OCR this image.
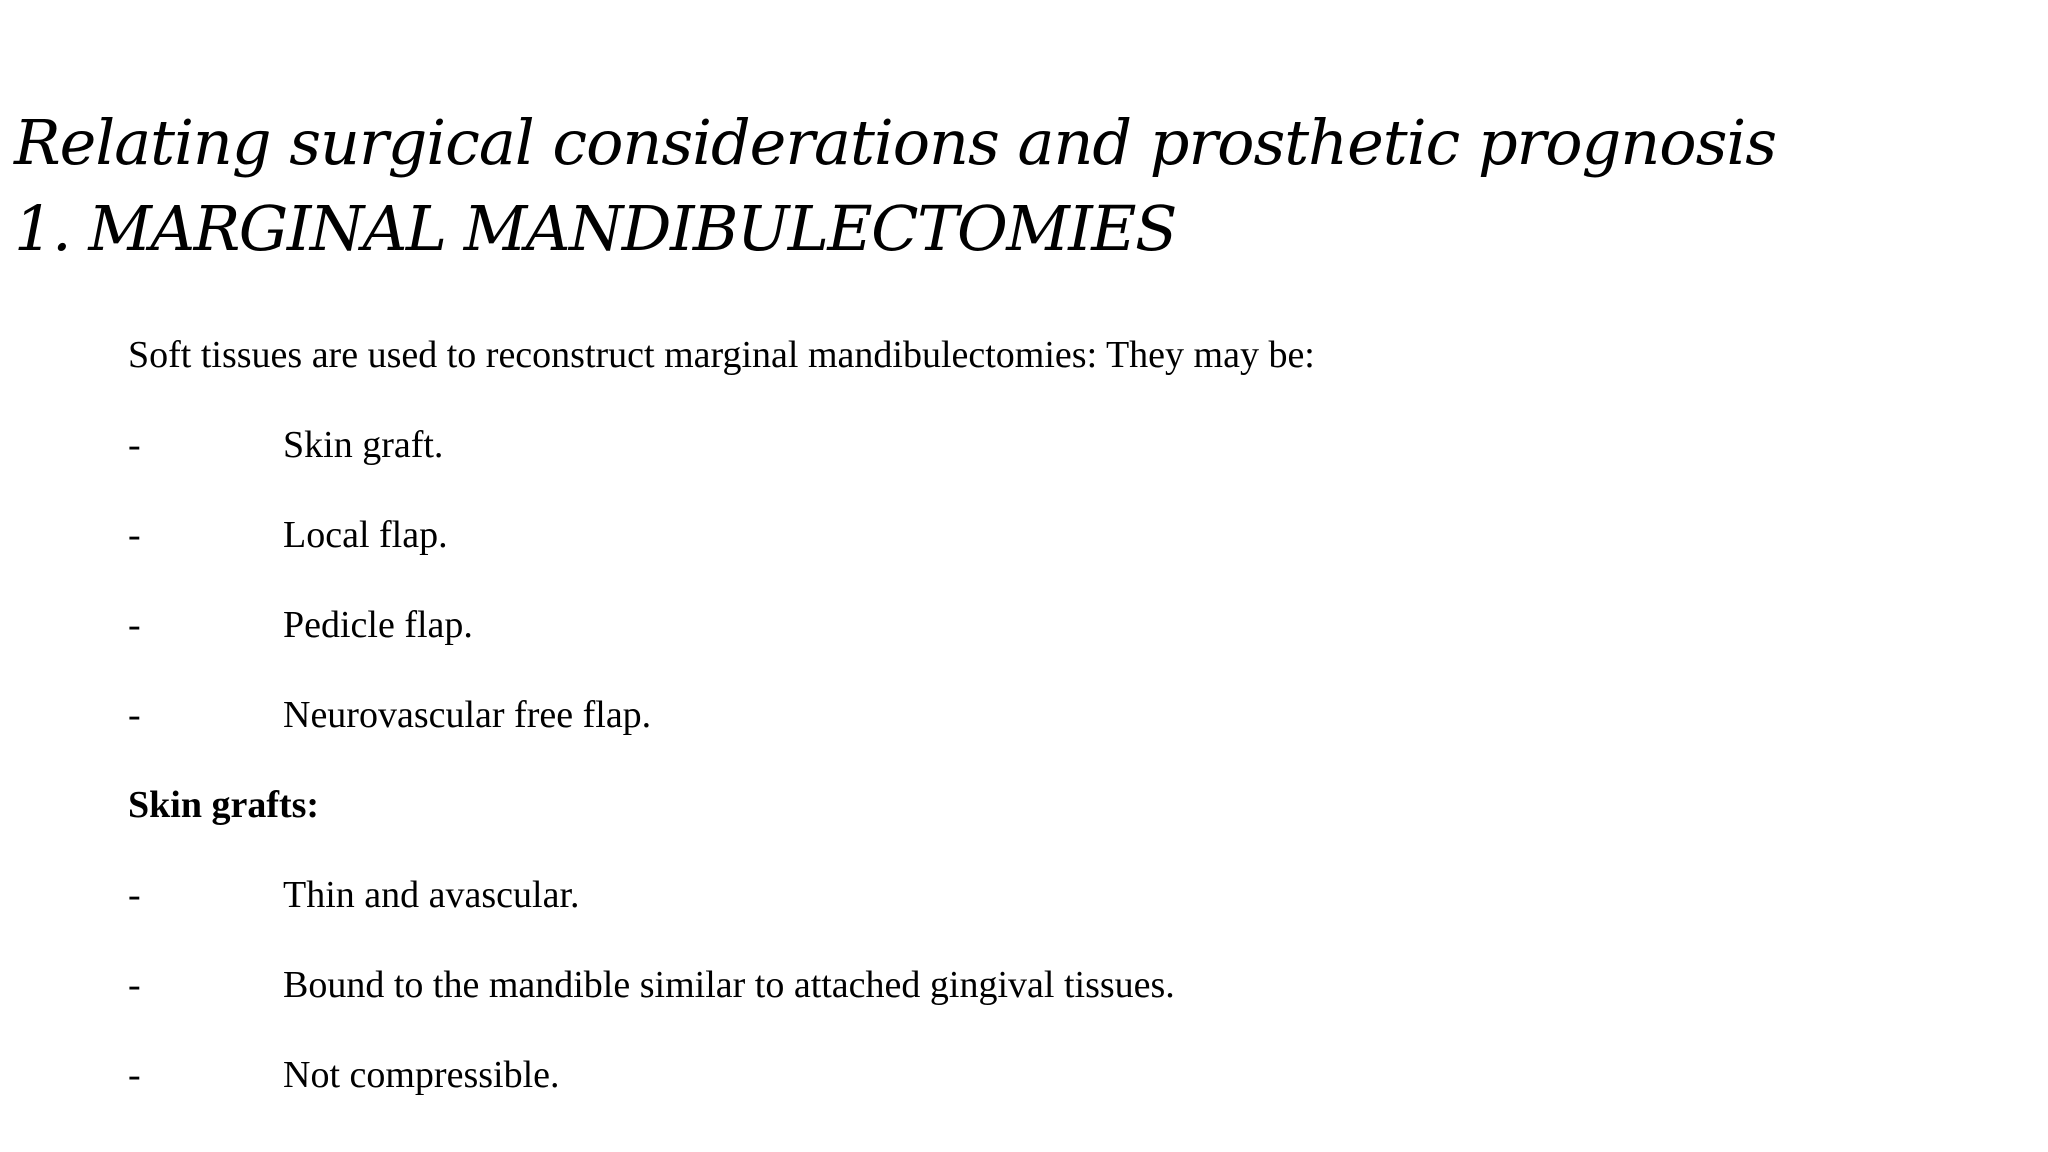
Relating surgical considerations and prosthetic prognosis
1. MARGINAL MANDIBULECTOMIES
Soft tissues are used to reconstruct marginal mandibulectomies: They may be:
-	Skin graft.
-	Local flap.
-	Pedicle flap.
-	Neurovascular free flap.
Skin grafts:
-	Thin and avascular.
-	Bound to the mandible similar to attached gingival tissues.
-	Not compressible.
